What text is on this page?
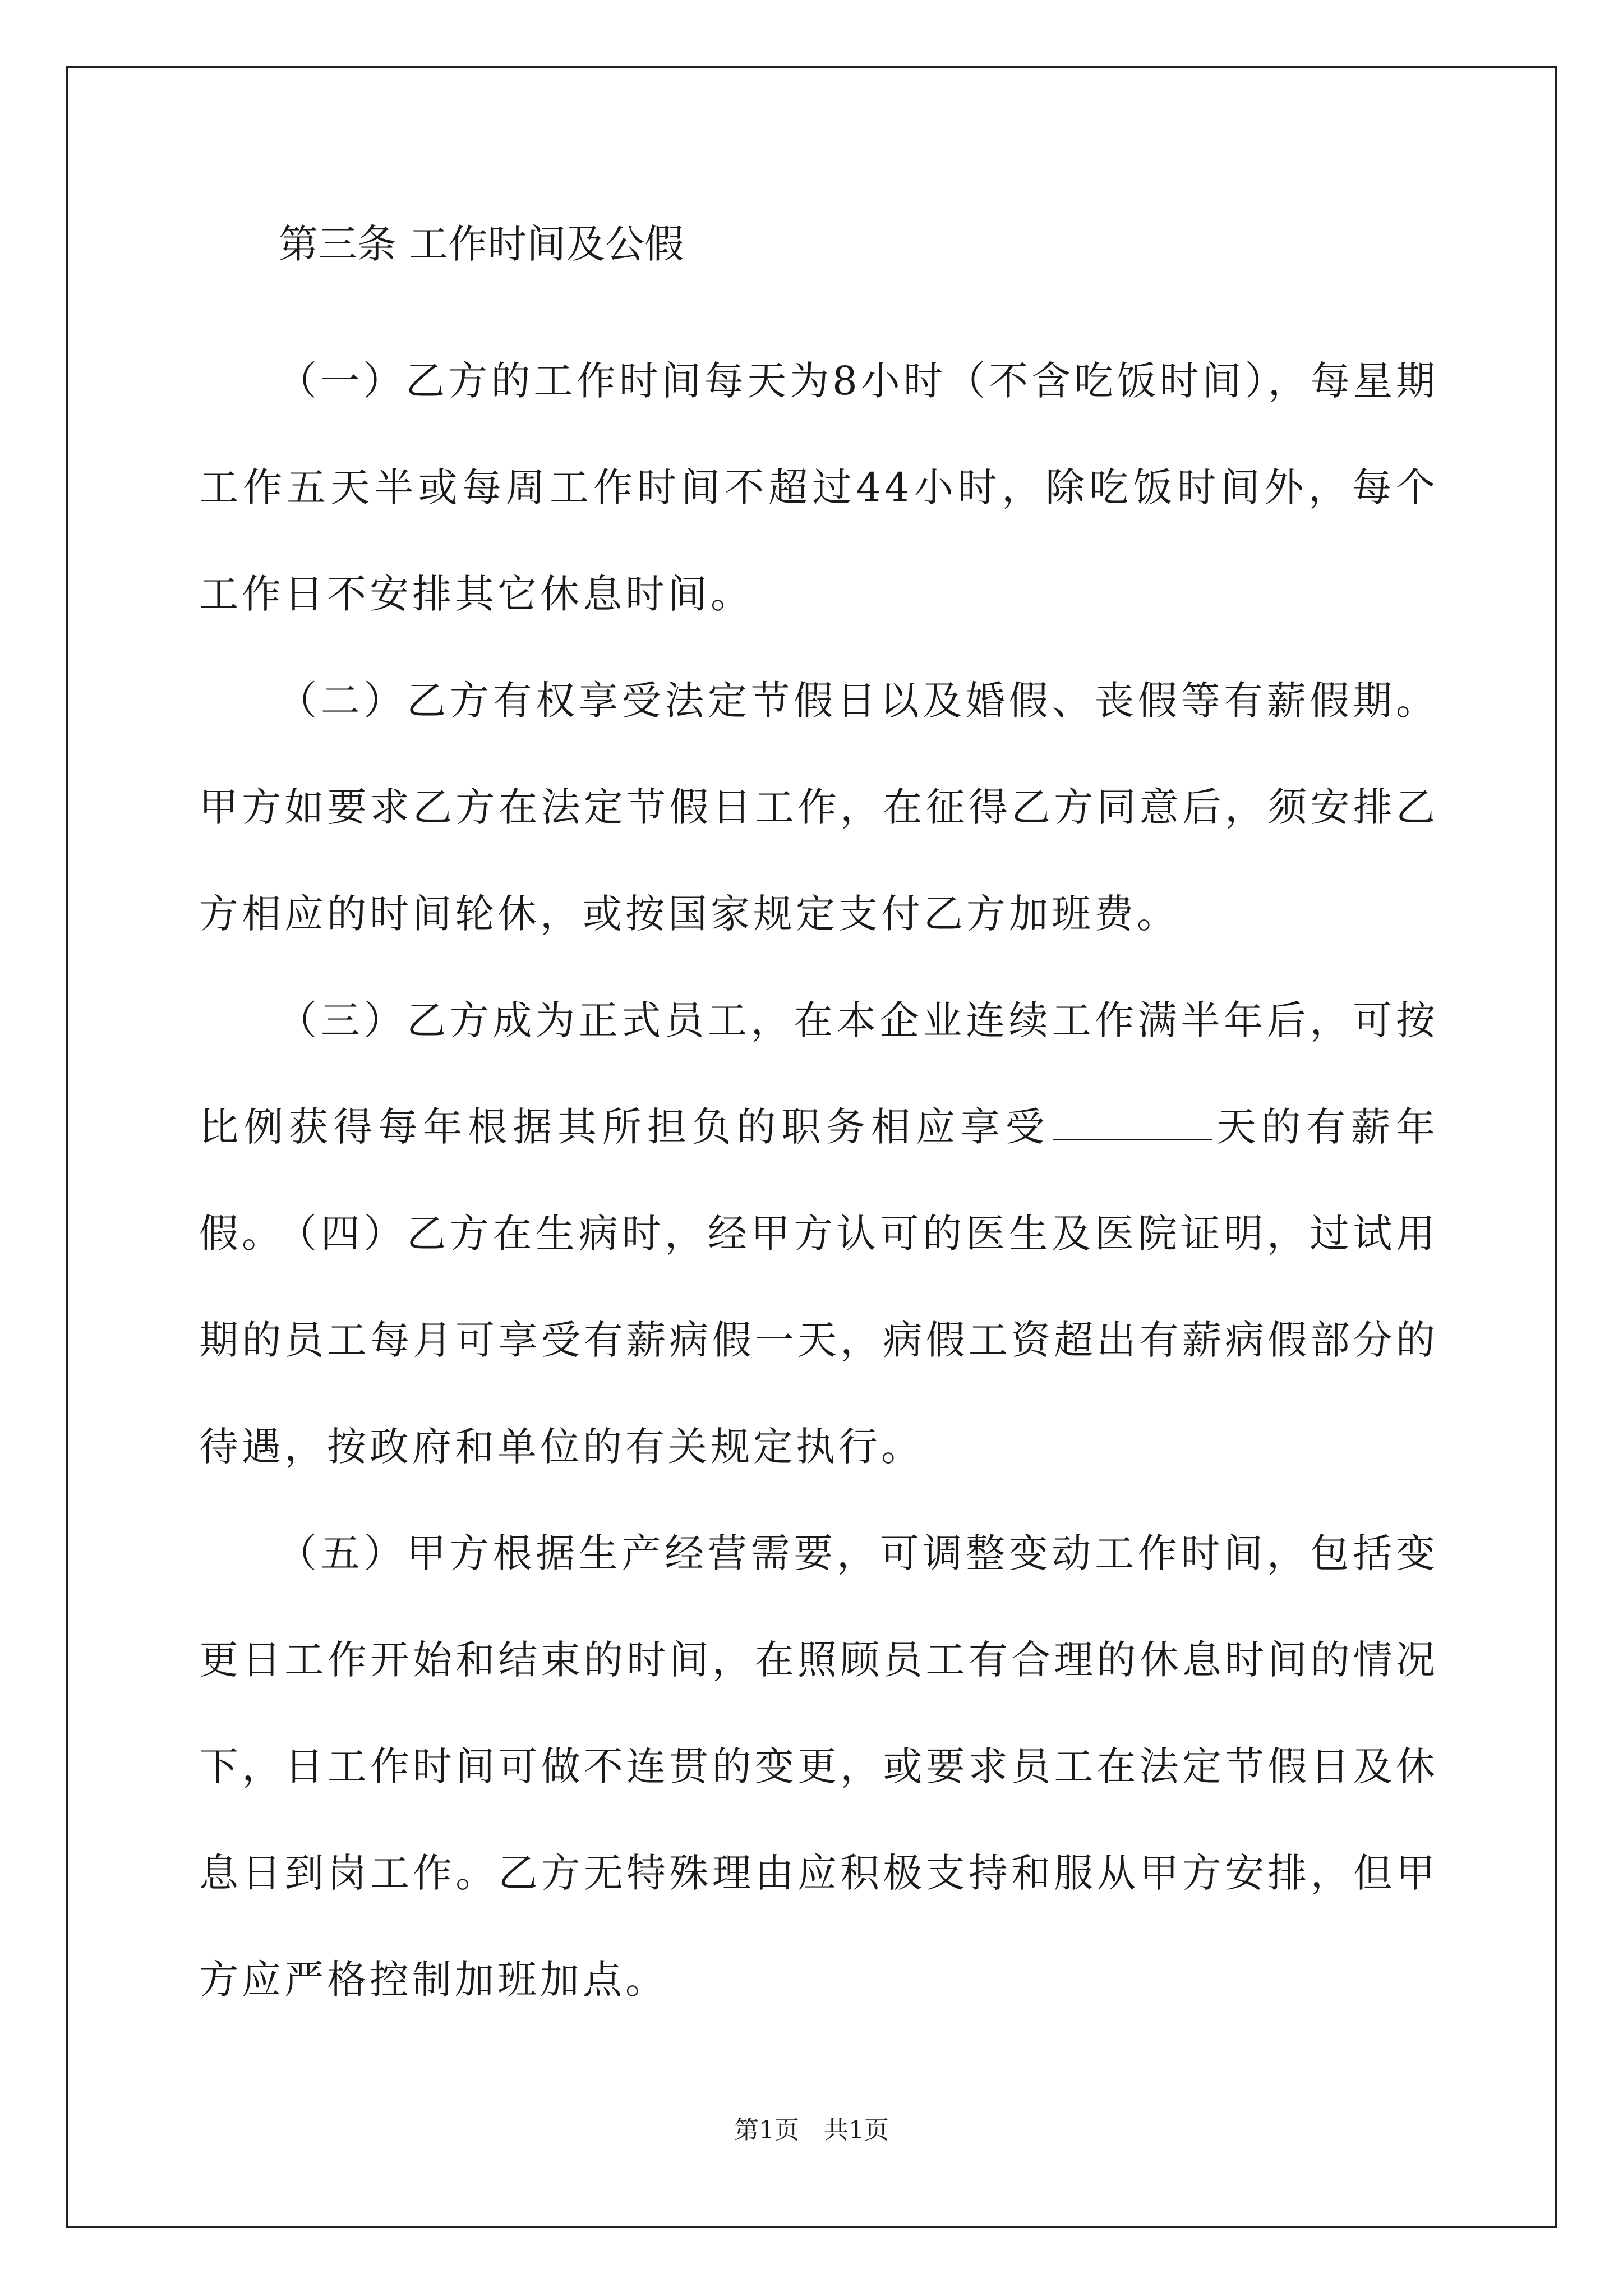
第三条 工作时间及公假

（一）乙方的工作时间每天为8小时（不含吃饭时间），每星期工作五天半或每周工作时间不超过44小时，除吃饭时间外，每个工作日不安排其它休息时间。

（二）乙方有权享受法定节假日以及婚假、丧假等有薪假期。甲方如要求乙方在法定节假日工作，在征得乙方同意后，须安排乙方相应的时间轮休，或按国家规定支付乙方加班费。

（三）乙方成为正式员工，在本企业连续工作满半年后，可按比例获得每年根据其所担负的职务相应享受	天的有薪年假。

（四）乙方在生病时，经甲方认可的医生及医院证明，过试用期的员工每月可享受有薪病假一天，病假工资超出有薪病假部分的待遇，按政府和单位的有关规定执行。

（五）甲方根据生产经营需要，可调整变动工作时间，包括变更日工作开始和结束的时间，在照顾员工有合理的休息时间的情况下，日工作时间可做不连贯的变更，或要求员工在法定节假日及休息日到岗工作。乙方无特殊理由应积极支持和服从甲方安排，但甲方应严格控制加班加点。

第1页　共1页
